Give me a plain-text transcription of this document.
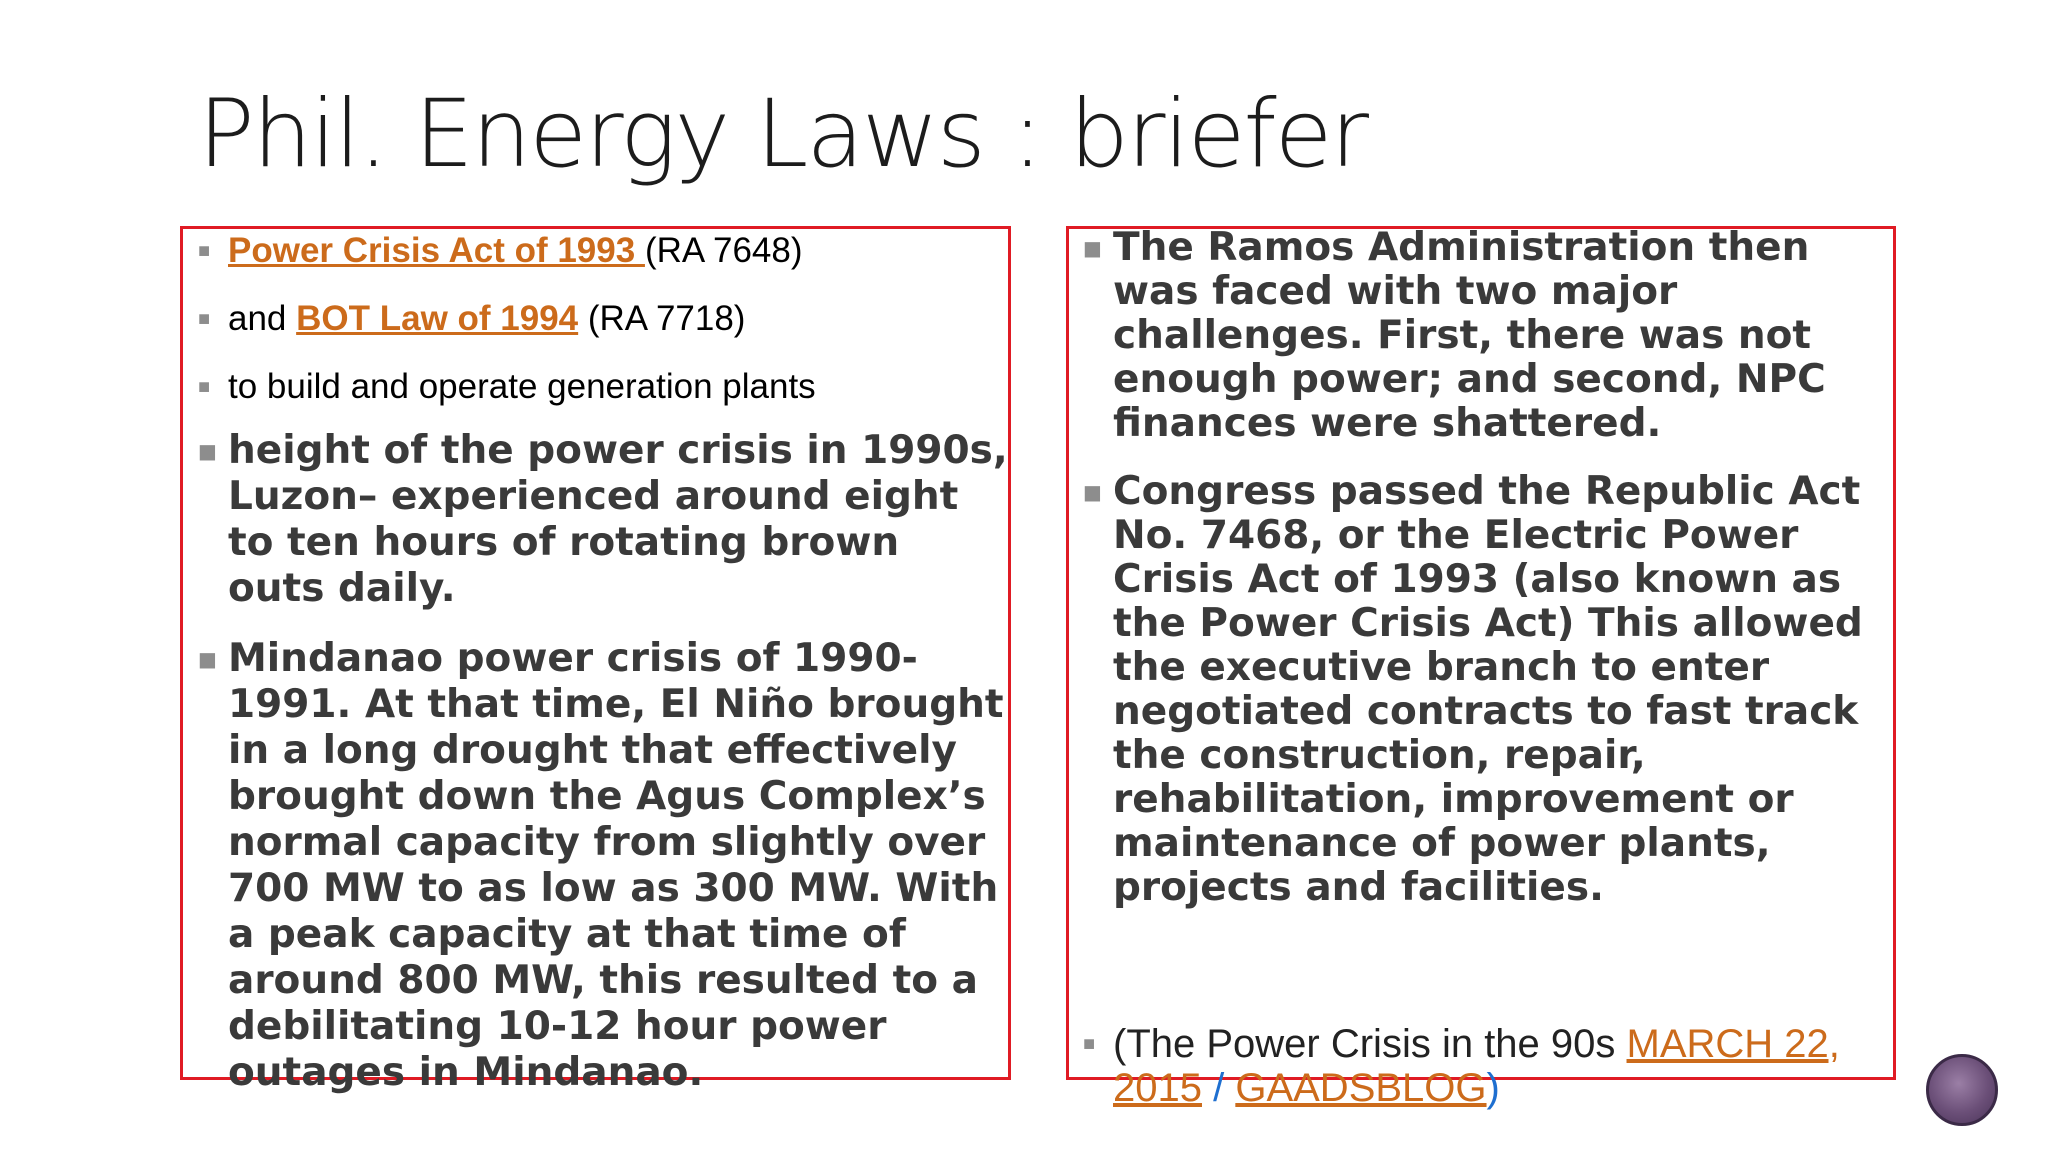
Phil. Energy Laws : briefer
■ Power Crisis Act of 1993 (RA 7648)
■ and BOT Law of 1994 (RA 7718)
■ to build and operate generation plants
■ height of the power crisis in 1990s, Luzon– experienced around eight to ten hours of rotating brown outs daily.
■ Mindanao power crisis of 1990-1991. At that time, El Niño brought in a long drought that effectively brought down the Agus Complex’s normal capacity from slightly over 700 MW to as low as 300 MW. With a peak capacity at that time of around 800 MW, this resulted to a debilitating 10-12 hour power outages in Mindanao.
■ The Ramos Administration then was faced with two major challenges. First, there was not enough power; and second, NPC finances were shattered.
■ Congress passed the Republic Act No. 7468, or the Electric Power Crisis Act of 1993 (also known as the Power Crisis Act) This allowed the executive branch to enter negotiated contracts to fast track the construction, repair, rehabilitation, improvement or maintenance of power plants, projects and facilities.
■ (The Power Crisis in the 90s MARCH 22, 2015 / GAADSBLOG)
